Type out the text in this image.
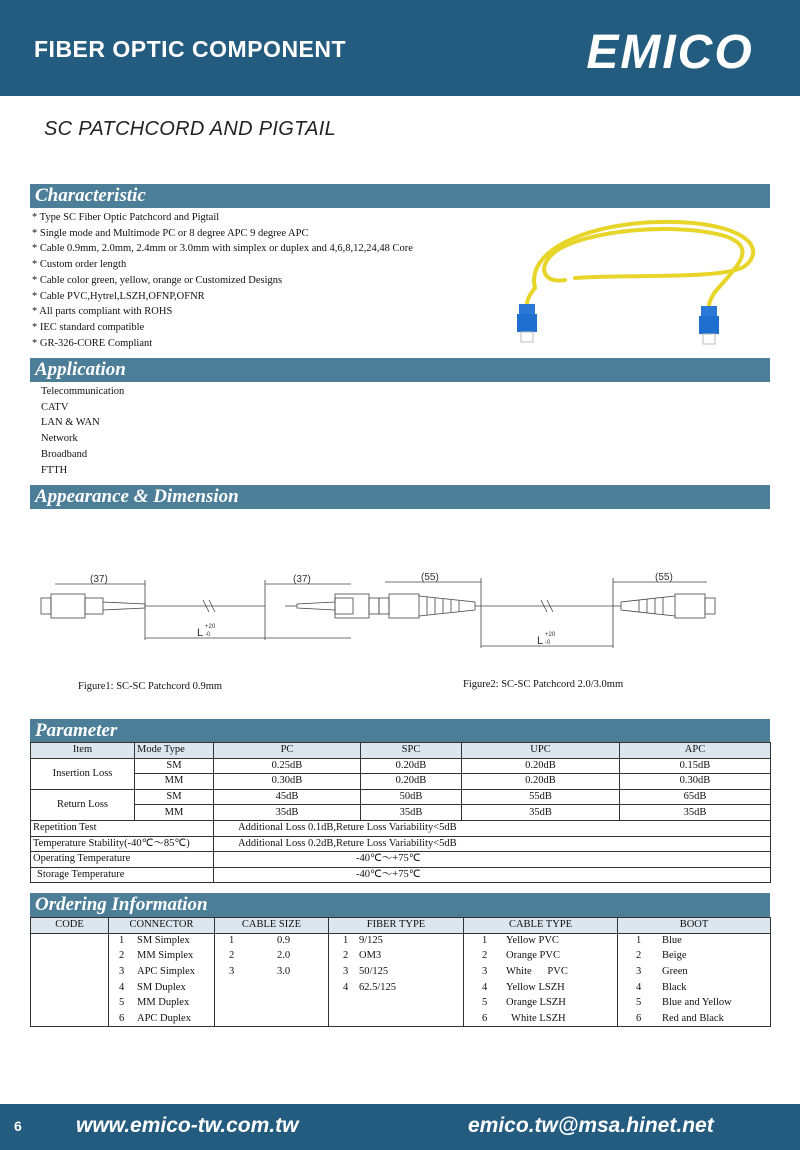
FIBER OPTIC COMPONENT	EMICO
SC PATCHCORD AND PIGTAIL
Characteristic
* Type SC Fiber Optic Patchcord and Pigtail
* Single mode and Multimode PC or 8 degree APC 9 degree APC
* Cable 0.9mm, 2.0mm, 2.4mm or 3.0mm with simplex or duplex and 4,6,8,12,24,48 Core
* Custom order length
* Cable color green, yellow, orange or Customized Designs
* Cable PVC,Hytrel,LSZH,OFNP,OFNR
* All parts compliant with ROHS
* IEC standard compatible
* GR-326-CORE Compliant
Application
Telecommunication
CATV
LAN & WAN
Network
Broadband
FTTH
Appearance & Dimension
(37)	(37)
L +20
-0
(55)	(55)
L +20
-0
Figure1: SC-SC Patchcord 0.9mm	Figure2: SC-SC Patchcord 2.0/3.0mm
Parameter
Item	Mode Type	PC	SPC	UPC	APC
Insertion Loss	SM	0.25dB	0.20dB	0.20dB	0.15dB
	MM	0.30dB	0.20dB	0.20dB	0.30dB
Return Loss	SM	45dB	50dB	55dB	65dB
	MM	35dB	35dB	35dB	35dB
Repetition Test		Additional Loss 0.1dB,Reture Loss Variability<5dB			
Temperature Stability(-40℃～85℃)		Additional Loss 0.2dB,Reture Loss Variability<5dB			
Operating Temperature		-40℃～+75℃			
Storage Temperature		-40℃～+75℃			
Ordering Information
CODE	CONNECTOR	CABLE SIZE	FIBER TYPE	CABLE TYPE	BOOT
	1 SM Simplex	1 0.9	1 9/125	1 Yellow PVC	1 Blue
	2 MM Simplex	2 2.0	2 OM3	2 Orange PVC	2 Beige
	3 APC Simplex	3 3.0	3 50/125	3 White      PVC	3 Green
	4 SM Duplex		4 62.5/125	4 Yellow LSZH	4 Black
	5 MM Duplex			5 Orange LSZH	5 Blue and Yellow
	6 APC Duplex			6  White LSZH	6 Red and Black
6	www.emico-tw.com.tw	emico.tw@msa.hinet.net
